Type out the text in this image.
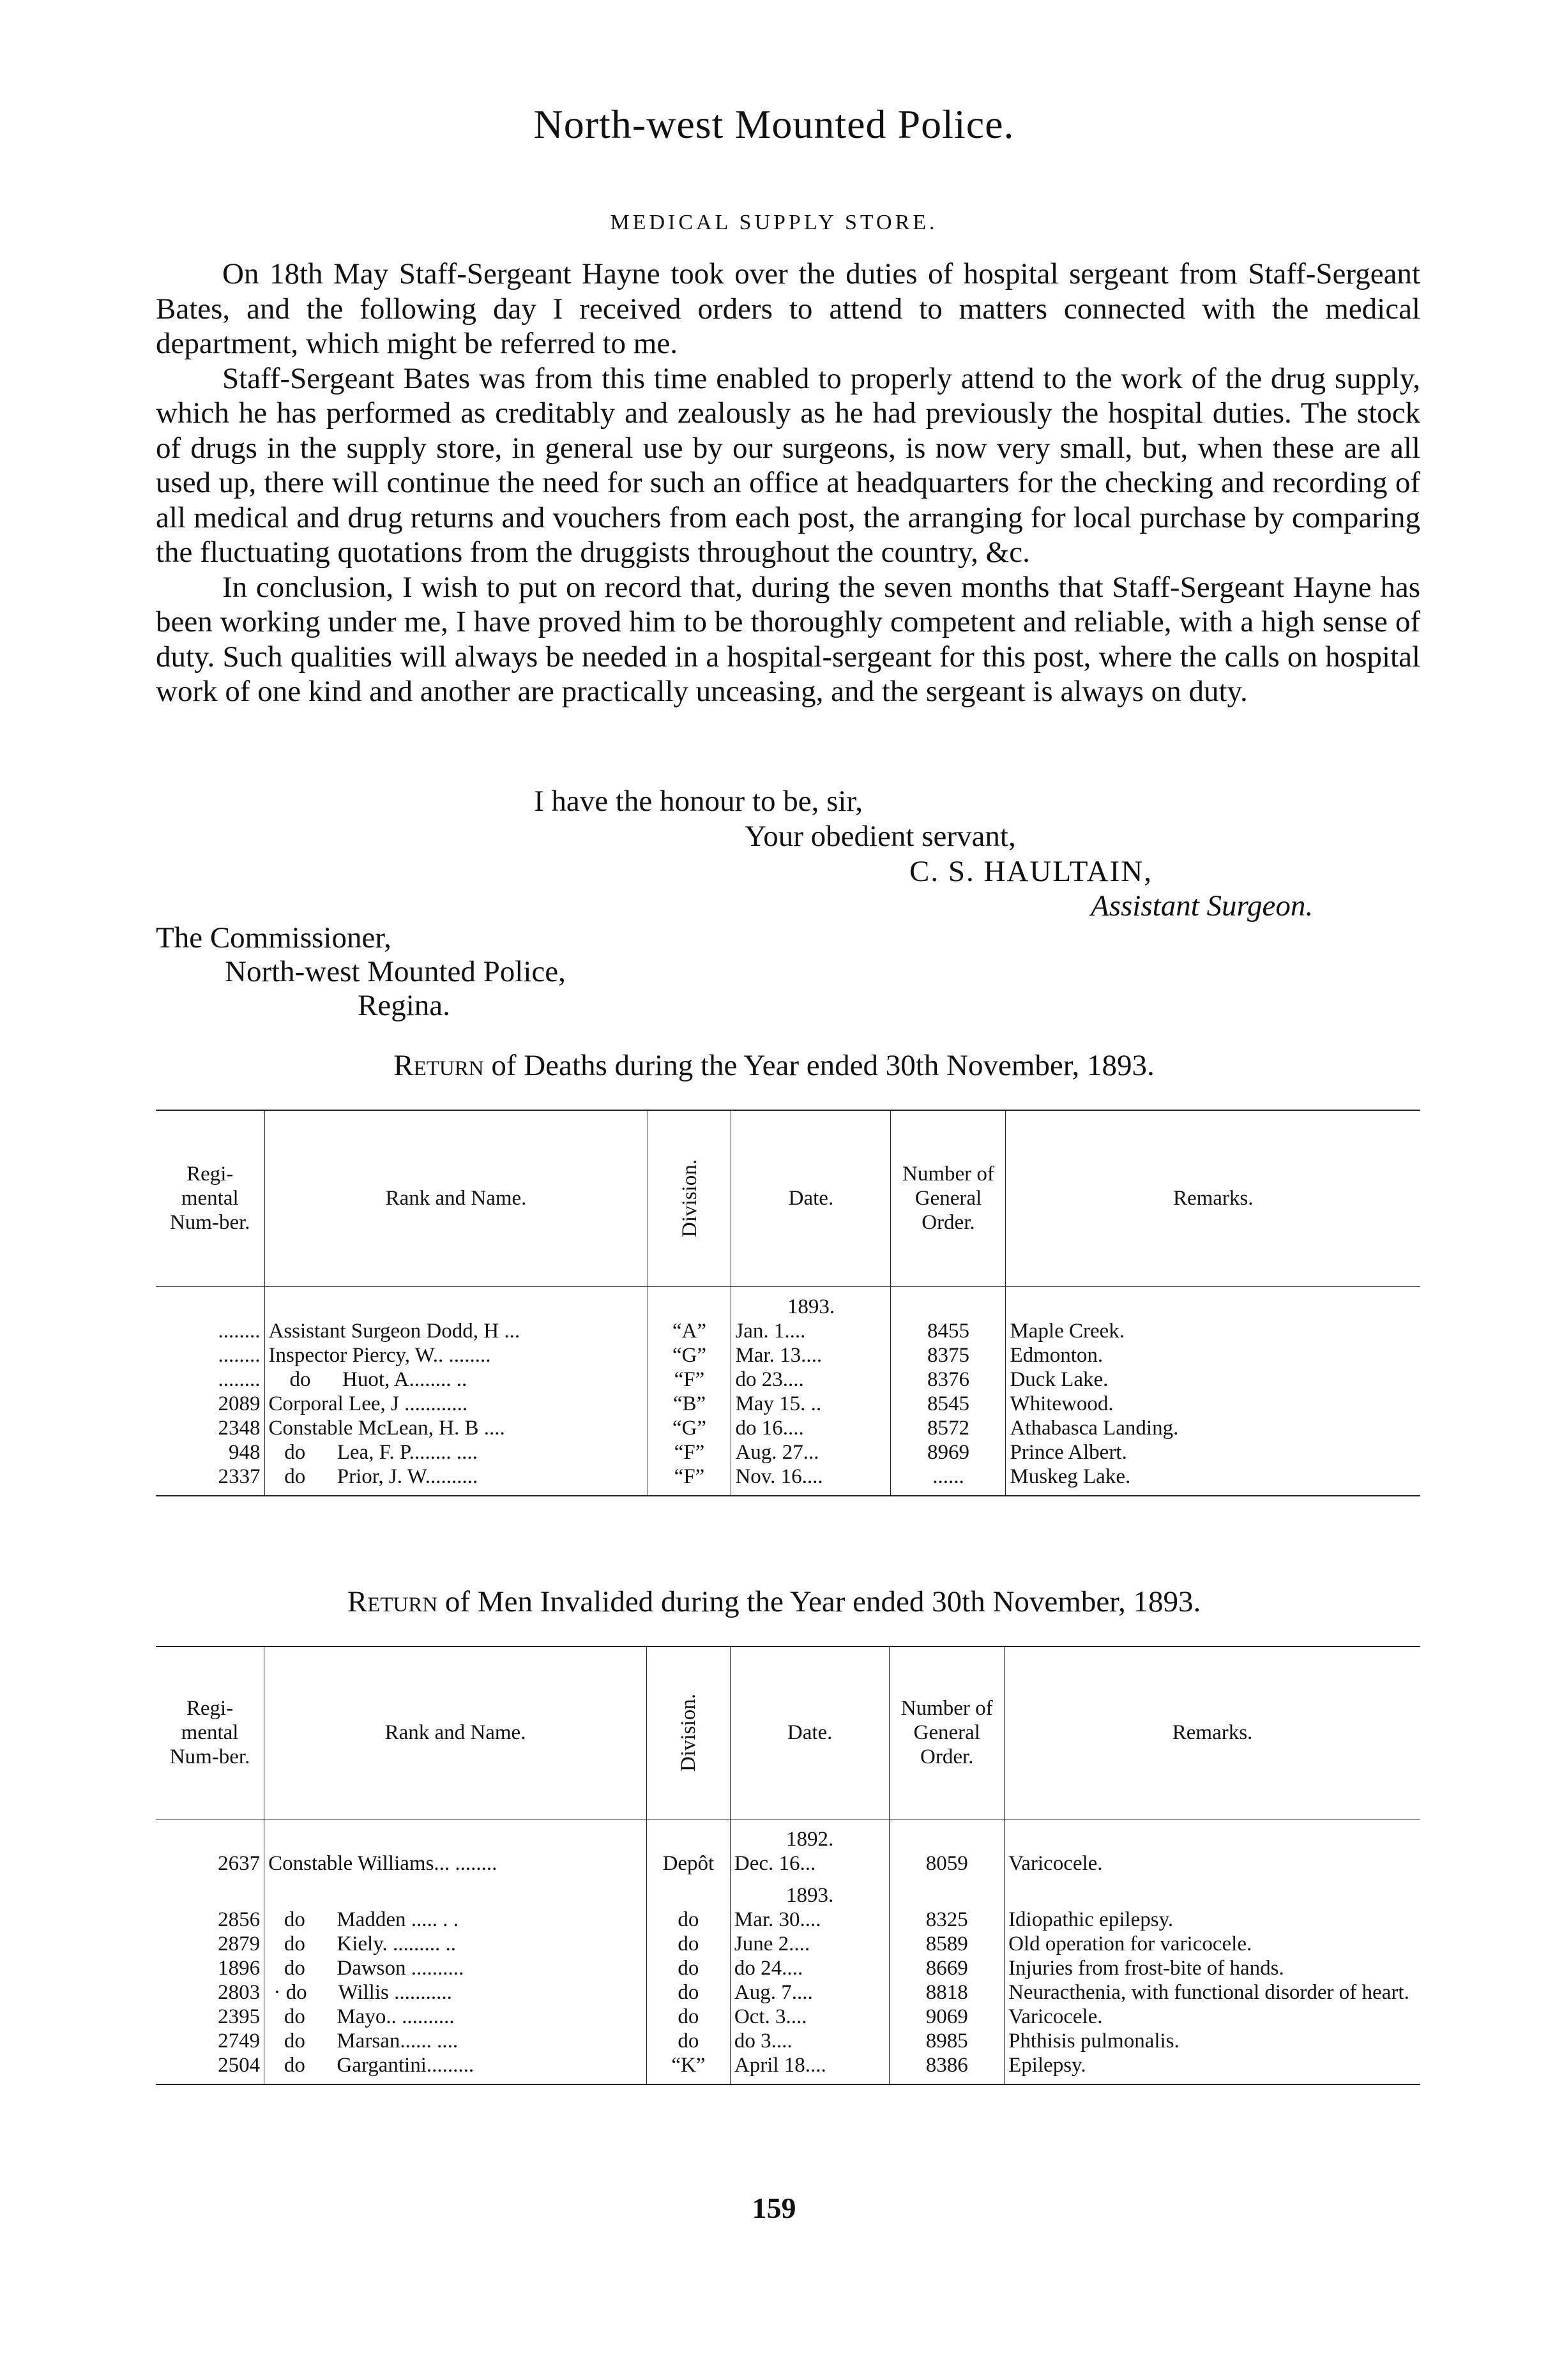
North-west Mounted Police.
MEDICAL SUPPLY STORE.

On 18th May Staff-Sergeant Hayne took over the duties of hospital sergeant from Staff-Sergeant Bates, and the following day I received orders to attend to matters connected with the medical department, which might be referred to me.

Staff-Sergeant Bates was from this time enabled to properly attend to the work of the drug supply, which he has performed as creditably and zealously as he had previously the hospital duties. The stock of drugs in the supply store, in general use by our surgeons, is now very small, but, when these are all used up, there will continue the need for such an office at headquarters for the checking and recording of all medical and drug returns and vouchers from each post, the arranging for local purchase by comparing the fluctuating quotations from the druggists throughout the country, &c.

In conclusion, I wish to put on record that, during the seven months that Staff-Sergeant Hayne has been working under me, I have proved him to be thoroughly competent and reliable, with a high sense of duty. Such qualities will always be needed in a hospital-sergeant for this post, where the calls on hospital work of one kind and another are practically unceasing, and the sergeant is always on duty.

I have the honour to be, sir,
Your obedient servant,
C. S. HAULTAIN,
Assistant Surgeon.
The Commissioner,
North-west Mounted Police,
Regina.
Return of Deaths during the Year ended 30th November, 1893.
Regi-mental Num-ber.	Rank and Name.	Division.	Date.	Number of General Order.	Remarks.
			1893.		
........	Assistant Surgeon Dodd, H ...	“A”	Jan. 1....	8455	Maple Creek.
........	Inspector Piercy, W.. ........	“G”	Mar. 13....	8375	Edmonton.
........	do      Huot, A........ ..	“F”	do 23....	8376	Duck Lake.
2089	Corporal Lee, J ............	“B”	May 15. ..	8545	Whitewood.
2348	Constable McLean, H. B ....	“G”	do 16....	8572	Athabasca Landing.
948	do      Lea, F. P........ ....	“F”	Aug. 27...	8969	Prince Albert.
2337	do      Prior, J. W..........	“F”	Nov. 16....	......	Muskeg Lake.
Return of Men Invalided during the Year ended 30th November, 1893.
Regi-mental Num-ber.	Rank and Name.	Division.	Date.	Number of General Order.	Remarks.
			1892.		
2637	Constable Williams... ........	Depôt	Dec. 16...	8059	Varicocele.
			1893.		
2856	do      Madden ..... . .	do	Mar. 30....	8325	Idiopathic epilepsy.
2879	do      Kiely. ......... ..	do	June 2....	8589	Old operation for varicocele.
1896	do      Dawson ..........	do	do 24....	8669	Injuries from frost-bite of hands.
2803	· do      Willis ...........	do	Aug. 7....	8818	Neuracthenia, with functional disorder of heart.
2395	do      Mayo.. ..........	do	Oct. 3....	9069	Varicocele.
2749	do      Marsan...... ....	do	do 3....	8985	Phthisis pulmonalis.
2504	do      Gargantini.........	“K”	April 18....	8386	Epilepsy.
159
